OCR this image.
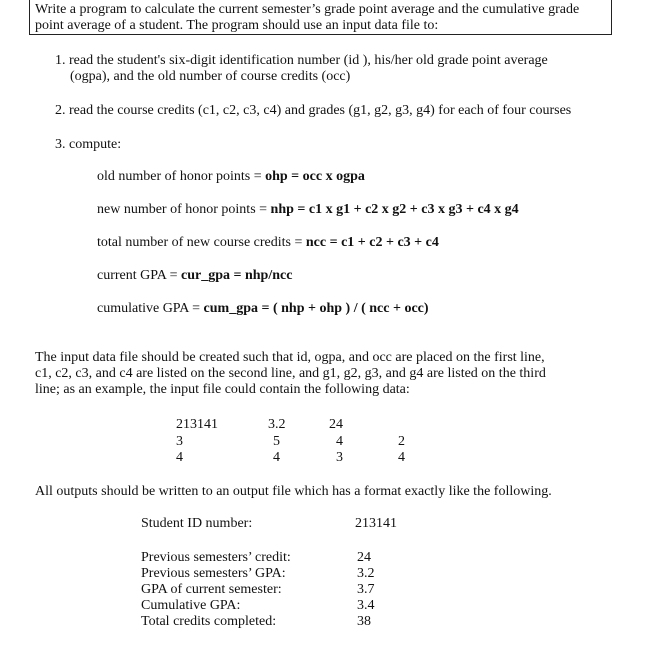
Write a program to calculate the current semester’s grade point average and the cumulative grade point average of a student. The program should use an input data file to:
1. read the student's six-digit identification number (id ), his/her old grade point average
(ogpa), and the old number of course credits (occ)
2. read the course credits (c1, c2, c3, c4) and grades (g1, g2, g3, g4) for each of four courses
3. compute:
old number of honor points = ohp = occ x ogpa
new number of honor points = nhp = c1 x g1 + c2 x g2 + c3 x g3 + c4 x g4
total number of new course credits = ncc = c1 + c2 + c3 + c4
current GPA = cur_gpa = nhp/ncc
cumulative GPA = cum_gpa = ( nhp + ohp ) / ( ncc + occ)
The input data file should be created such that id, ogpa, and occ are placed on the first line,
c1, c2, c3, and c4 are listed on the second line, and g1, g2, g3, and g4 are listed on the third
line; as an example, the input file could contain the following data:
213141	3.2	24
3	5	4	2
4	4	3	4
All outputs should be written to an output file which has a format exactly like the following.
Student ID number:	213141
Previous semesters’ credit:	24
Previous semesters’ GPA:	3.2
GPA of current semester:	3.7
Cumulative GPA:	3.4
Total credits completed:	38
